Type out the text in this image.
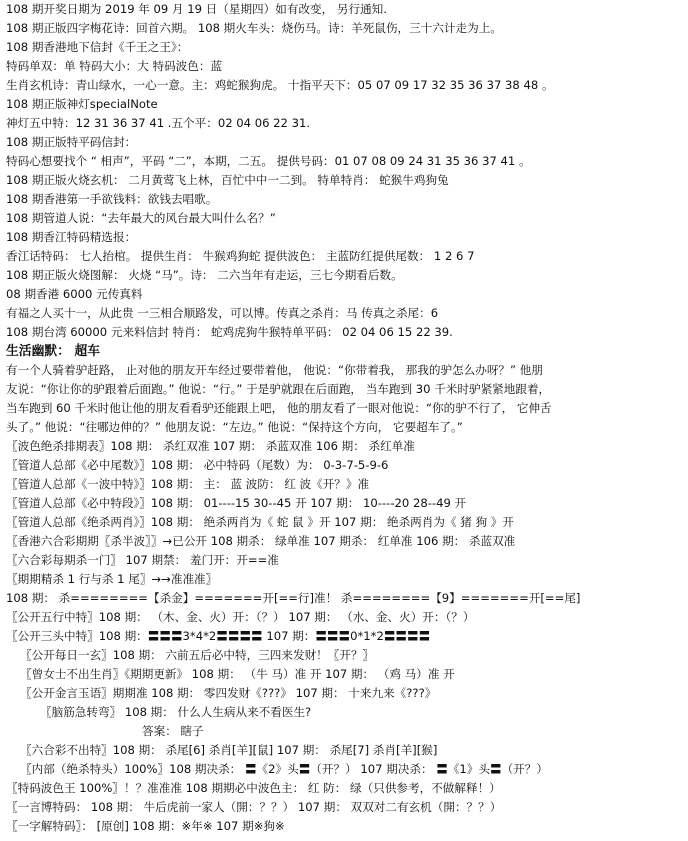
108 期开奖日期为 2019 年 09 月 19 日（星期四）如有改变， 另行通知.
108 期正版四字梅花诗：回首六期。 108 期火车头：烧伤马。诗：羊死鼠伤，三十六计走为上。
108 期香港地下信封《千王之王》：
特码单双：单 特码大小：大 特码波色：蓝
生肖玄机诗：青山绿水，一心一意。主：鸡蛇猴狗虎。 十指平天下：05 07 09 17 32 35 36 37 38 48 。
108 期正版神灯specialNote
神灯五中特：12 31 36 37 41 .五个平：02 04 06 22 31.
108 期正版特平码信封：
特码心想要找个 “ 相声”，平码 “二”，本期，二五。 提供号码：01 07 08 09 24 31 35 36 37 41 。
108 期正版火烧玄机： 二月黄莺飞上林，百忙中中一二到。 特单特肖： 蛇猴牛鸡狗兔
108 期香港第一手欲钱料：欲钱去唱歌。
108 期管道人说：“去年最大的风台最大叫什么名？”
108 期香江特码精选报：
香江话特码： 七人抬棺。 提供生肖： 牛猴鸡狗蛇 提供波色： 主蓝防红提供尾数： 1 2 6 7
108 期正版火烧图解： 火烧 “马”。诗： 二六当年有走运，三七今期看后数。
08 期香港 6000 元传真料
有福之人买十一，从此贵 一三相合顺路发，可以博。传真之杀肖：马 传真之杀尾：6
108 期台湾 60000 元来料信封 特肖： 蛇鸡虎狗牛猴特单平码： 02 04 06 15 22 39.
生活幽默： 超车
有一个人骑着驴赶路， 止对他的朋友开车经过要带着他， 他说：“你带着我， 那我的驴怎么办呀？” 他朋
友说：“你让你的驴跟着后面跑。” 他说：“行。” 于是驴就跟在后面跑， 当车跑到 30 千米时驴紧紧地跟着，
当车跑到 60 千米时他让他的朋友看看驴还能跟上吧， 他的朋友看了一眼对他说：“你的驴不行了， 它伸舌
头了。” 他说：“往哪边伸的？” 他朋友说：“左边。” 他说：“保持这个方向， 它要超车了。”
〖波色绝杀排期表〗108 期： 杀红双准 107 期： 杀蓝双准 106 期： 杀红单准
〖管道人总部《必中尾数》〗108 期： 必中特码（尾数）为： 0-3-7-5-9-6
〖管道人总部《一波中特》〗108 期： 主： 蓝 波防： 红 波《开？》准
〖管道人总部《必中特段》〗108 期： 01----15 30--45 开 107 期： 10----20 28--49 开
〖管道人总部《绝杀两肖》〗108 期： 绝杀两肖为《 蛇 鼠 》开 107 期： 绝杀两肖为《 猪 狗 》开
〖香港六合彩期期〖杀半波〗〗→已公开 108 期杀： 绿单准 107 期杀： 红单准 106 期： 杀蓝双准
〖六合彩每期杀一门〗 107 期禁： 羞门开：开==准
〖期期精杀 1 行与杀 1 尾〗→→准准准〗
108 期： 杀========【杀金】=======开[==行]准！ 杀========【9】=======开[==尾]
〖公开五行中特〗108 期： （木、金、火）开：（？） 107 期： （水、金、火）开：（？）
〖公开三头中特〗108 期：〓〓〓3*4*2〓〓〓〓 107 期：〓〓〓0*1*2〓〓〓〓
〖公开每日一玄〗108 期： 六前五后必中特，三四来发财！〖开？〗
〖曾女士不出生肖〗《期期更新》 108 期： （牛 马）准 开 107 期： （鸡 马）准 开
〖公开金言玉语〗期期准 108 期： 零四发财《???》 107 期： 十来九来《???》
〖脑筋急转弯〗 108 期： 什么人生病从来不看医生?
答案： 瞎子
〖六合彩不出特〗108 期： 杀尾[6] 杀肖[羊][鼠] 107 期： 杀尾[7] 杀肖[羊][猴]
〖内部（绝杀特头）100%〗108 期决杀： 〓《2》头〓（开？） 107 期决杀： 〓《1》头〓（开？）
〖特码波色王 100%〗！？准准准 108 期期必中波色主： 红 防： 绿（只供参考，不做解释！）
〖一言博特码： 108 期： 牛后虎前一家人（開：？？） 107 期： 双双对二有玄机（開：？？）
〖一字解特码〗： [原创] 108 期：※年※ 107 期※狗※
